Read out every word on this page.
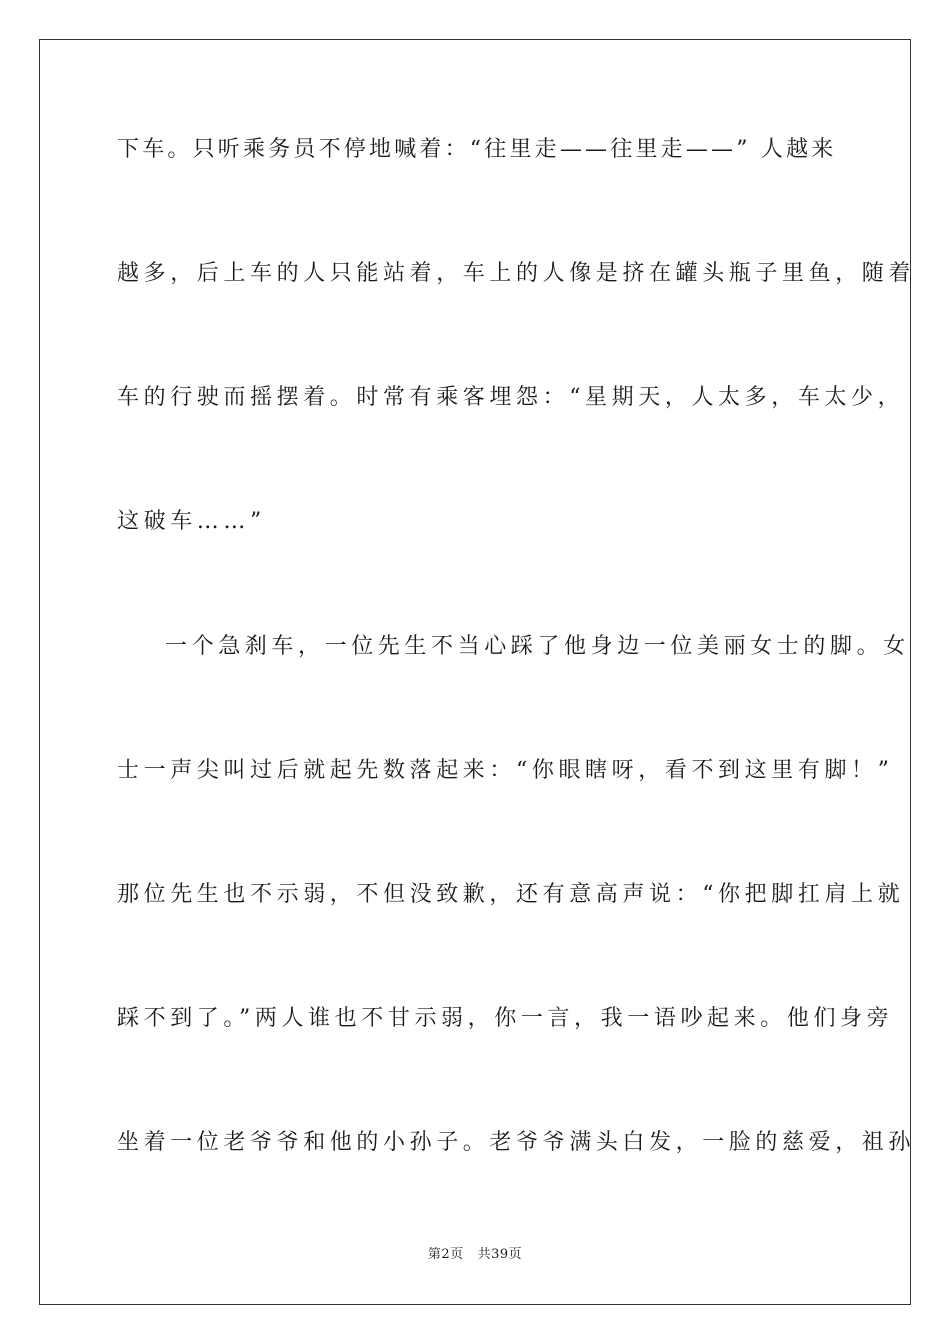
下车。只听乘务员不停地喊着：“往里走——往里走——” 人越来
越多，后上车的人只能站着，车上的人像是挤在罐头瓶子里鱼，随着
车的行驶而摇摆着。时常有乘客埋怨：“星期天，人太多，车太少，
这破车……”
一个急刹车，一位先生不当心踩了他身边一位美丽女士的脚。女
士一声尖叫过后就起先数落起来：“你眼瞎呀，看不到这里有脚！”
那位先生也不示弱，不但没致歉，还有意高声说：“你把脚扛肩上就
踩不到了。”两人谁也不甘示弱，你一言，我一语吵起来。他们身旁
坐着一位老爷爷和他的小孙子。老爷爷满头白发，一脸的慈爱，祖孙
第2页 共39页
